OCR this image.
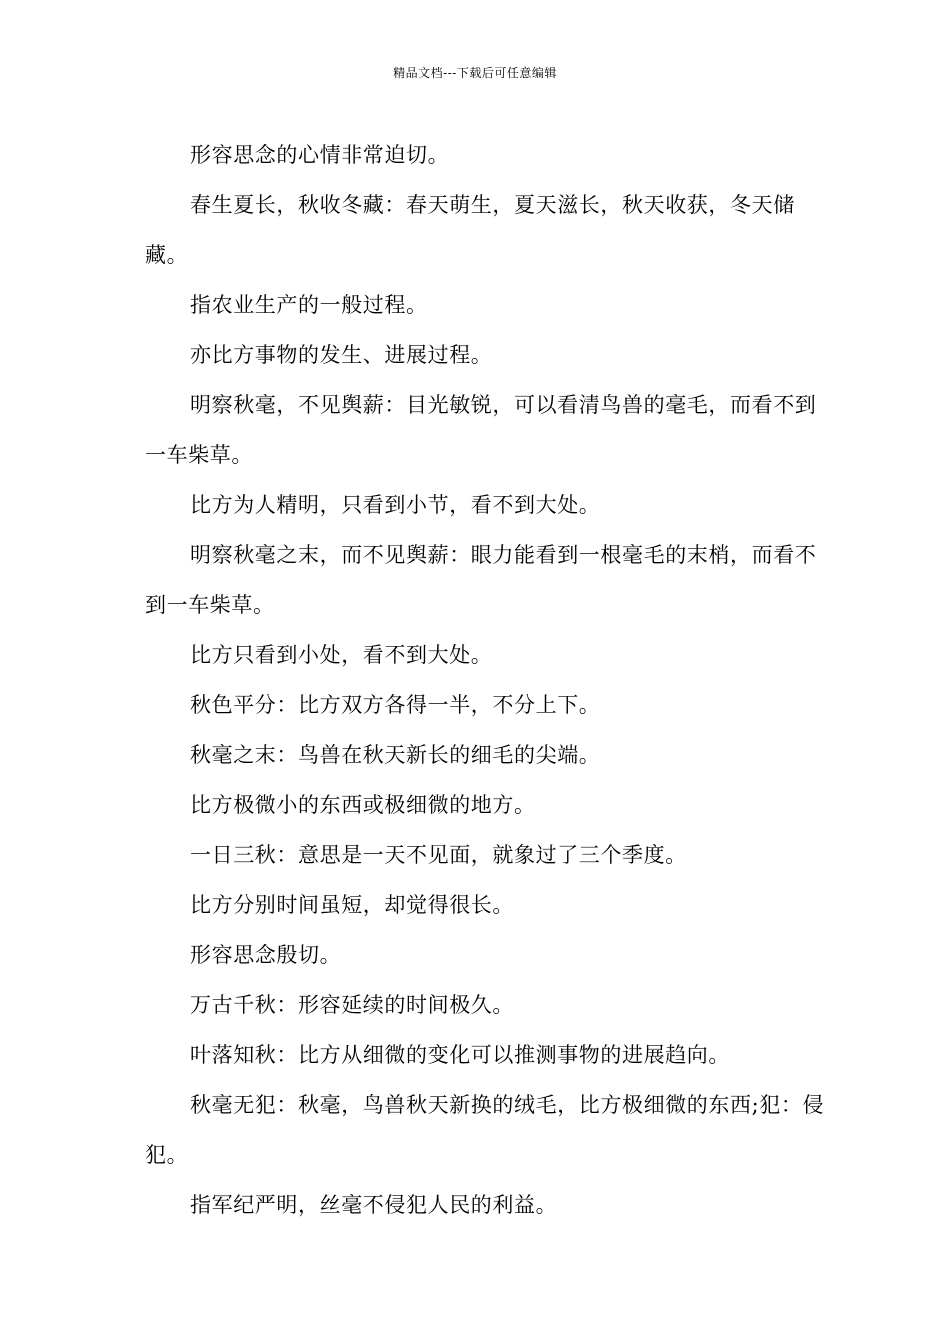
精品文档---下载后可任意编辑

形容思念的心情非常迫切。

春生夏长，秋收冬藏：春天萌生，夏天滋长，秋天收获，冬天储藏。

指农业生产的一般过程。

亦比方事物的发生、进展过程。

明察秋毫，不见舆薪：目光敏锐，可以看清鸟兽的毫毛，而看不到一车柴草。

比方为人精明，只看到小节，看不到大处。

明察秋毫之末，而不见舆薪：眼力能看到一根毫毛的末梢，而看不到一车柴草。

比方只看到小处，看不到大处。

秋色平分：比方双方各得一半，不分上下。

秋毫之末：鸟兽在秋天新长的细毛的尖端。

比方极微小的东西或极细微的地方。

一日三秋：意思是一天不见面，就象过了三个季度。

比方分别时间虽短，却觉得很长。

形容思念殷切。

万古千秋：形容延续的时间极久。

叶落知秋：比方从细微的变化可以推测事物的进展趋向。

秋毫无犯：秋毫，鸟兽秋天新换的绒毛，比方极细微的东西;犯：侵犯。

指军纪严明，丝毫不侵犯人民的利益。
